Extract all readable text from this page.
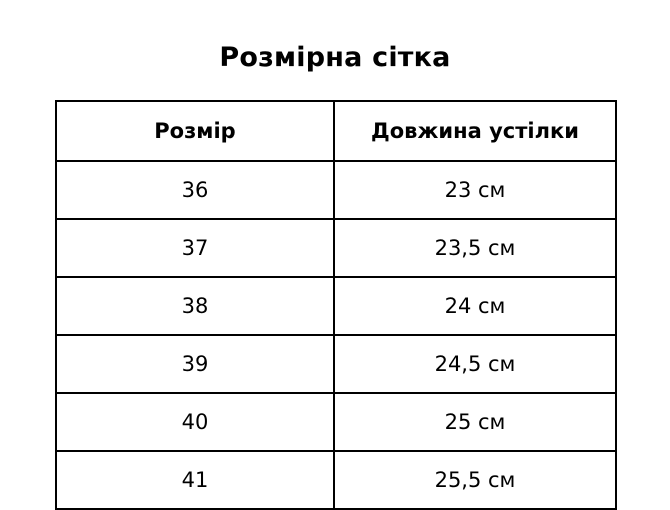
Розмірна сітка
Розмір	Довжина устілки
36	23 см
37	23,5 см
38	24 см
39	24,5 см
40	25 см
41	25,5 см
